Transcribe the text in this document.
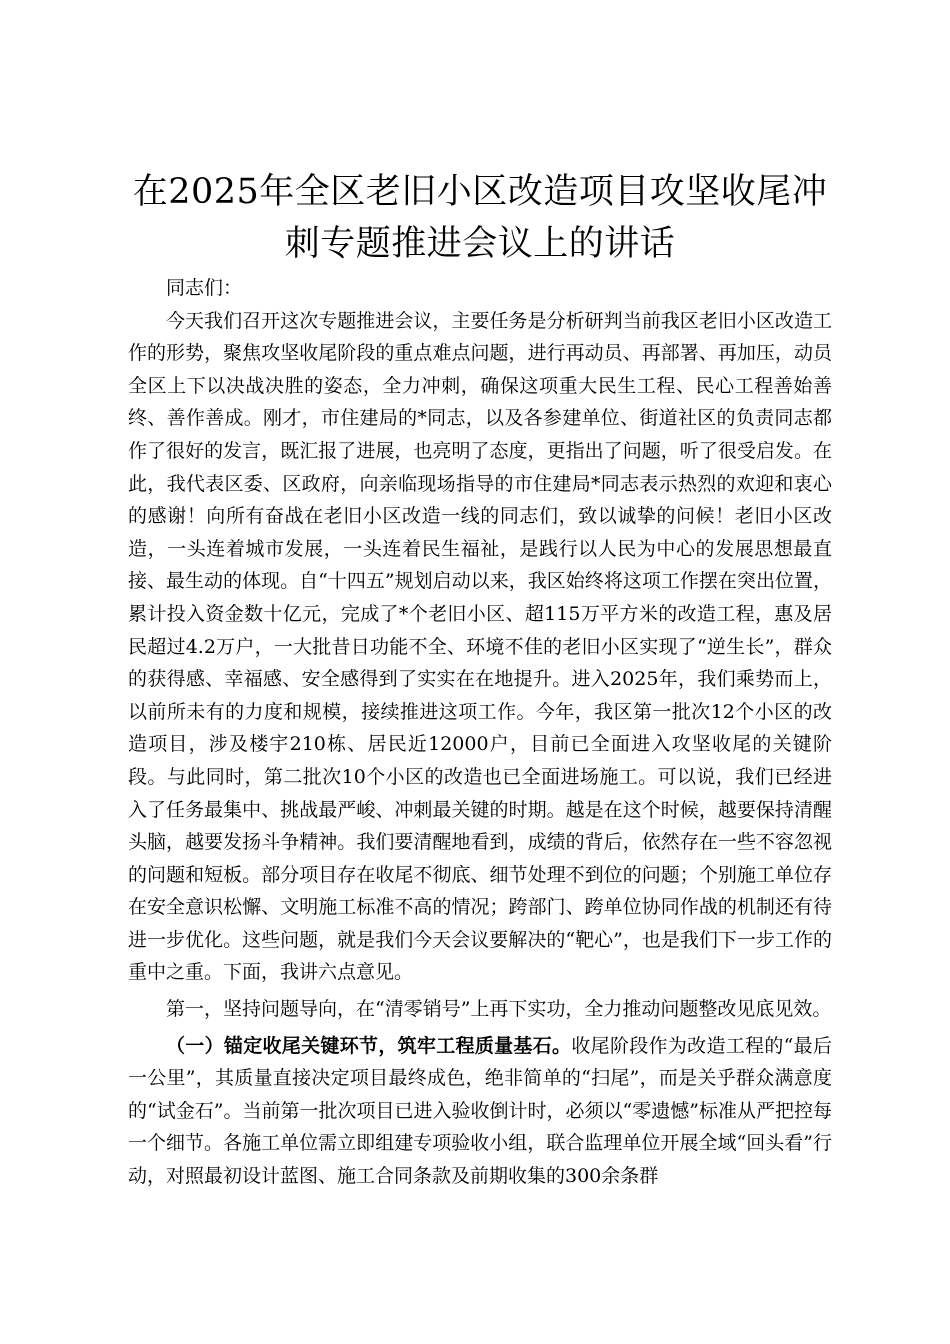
在2025年全区老旧小区改造项目攻坚收尾冲
刺专题推进会议上的讲话

同志们：

今天我们召开这次专题推进会议，主要任务是分析研判当前我区老旧小区改造工作的形势，聚焦攻坚收尾阶段的重点难点问题，进行再动员、再部署、再加压，动员全区上下以决战决胜的姿态，全力冲刺，确保这项重大民生工程、民心工程善始善终、善作善成。刚才，市住建局的*同志，以及各参建单位、街道社区的负责同志都作了很好的发言，既汇报了进展，也亮明了态度，更指出了问题，听了很受启发。在此，我代表区委、区政府，向亲临现场指导的市住建局*同志表示热烈的欢迎和衷心的感谢！向所有奋战在老旧小区改造一线的同志们，致以诚挚的问候！老旧小区改造，一头连着城市发展，一头连着民生福祉，是践行以人民为中心的发展思想最直接、最生动的体现。自“十四五”规划启动以来，我区始终将这项工作摆在突出位置，累计投入资金数十亿元，完成了*个老旧小区、超115万平方米的改造工程，惠及居民超过4.2万户，一大批昔日功能不全、环境不佳的老旧小区实现了“逆生长”，群众的获得感、幸福感、安全感得到了实实在在地提升。进入2025年，我们乘势而上，以前所未有的力度和规模，接续推进这项工作。今年，我区第一批次12个小区的改造项目，涉及楼宇210栋、居民近12000户，目前已全面进入攻坚收尾的关键阶段。与此同时，第二批次10个小区的改造也已全面进场施工。可以说，我们已经进入了任务最集中、挑战最严峻、冲刺最关键的时期。越是在这个时候，越要保持清醒头脑，越要发扬斗争精神。我们要清醒地看到，成绩的背后，依然存在一些不容忽视的问题和短板。部分项目存在收尾不彻底、细节处理不到位的问题；个别施工单位存在安全意识松懈、文明施工标准不高的情况；跨部门、跨单位协同作战的机制还有待进一步优化。这些问题，就是我们今天会议要解决的“靶心”，也是我们下一步工作的重中之重。下面，我讲六点意见。

第一，坚持问题导向，在“清零销号”上再下实功，全力推动问题整改见底见效。

（一）锚定收尾关键环节，筑牢工程质量基石。收尾阶段作为改造工程的“最后一公里”，其质量直接决定项目最终成色，绝非简单的“扫尾”，而是关乎群众满意度的“试金石”。当前第一批次项目已进入验收倒计时，必须以“零遗憾”标准从严把控每一个细节。各施工单位需立即组建专项验收小组，联合监理单位开展全域“回头看”行动，对照最初设计蓝图、施工合同条款及前期收集的300余条群
